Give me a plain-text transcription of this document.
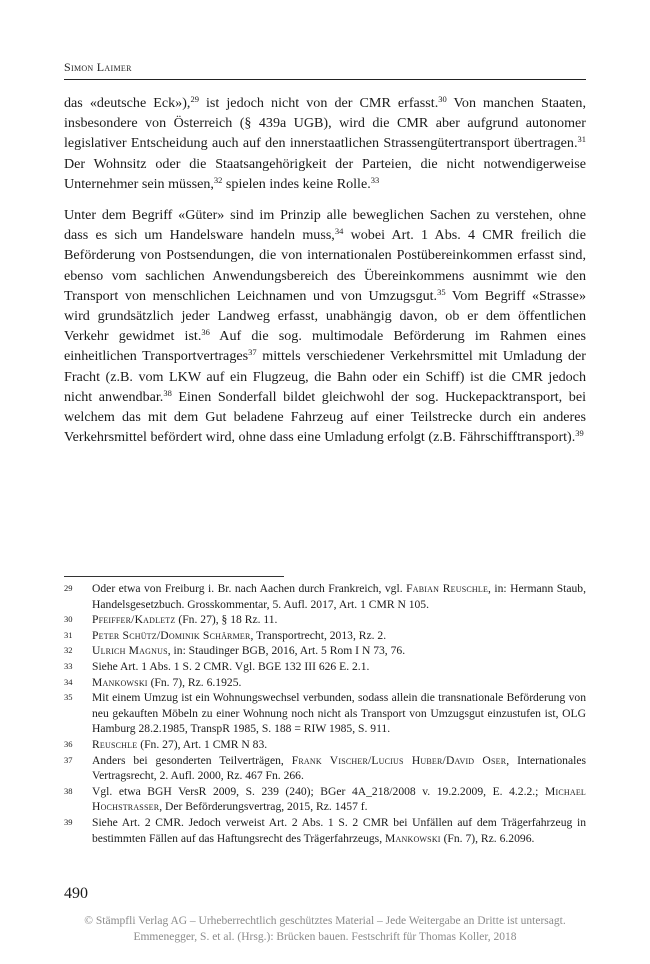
Simon Laimer

das «deutsche Eck»),$^{29}$ ist jedoch nicht von der CMR erfasst.$^{30}$ Von manchen Staaten, insbesondere von Österreich (§ 439a UGB), wird die CMR aber aufgrund autonomer legislativer Entscheidung auch auf den innerstaatlichen Strassengütertransport übertragen.$^{31}$ Der Wohnsitz oder die Staatsangehörigkeit der Parteien, die nicht notwendigerweise Unternehmer sein müssen,$^{32}$ spielen indes keine Rolle.$^{33}$

Unter dem Begriff «Güter» sind im Prinzip alle beweglichen Sachen zu verstehen, ohne dass es sich um Handelsware handeln muss,$^{34}$ wobei Art. 1 Abs. 4 CMR freilich die Beförderung von Postsendungen, die von internationalen Postübereinkommen erfasst sind, ebenso vom sachlichen Anwendungsbereich des Übereinkommens ausnimmt wie den Transport von menschlichen Leichnamen und von Umzugsgut.$^{35}$ Vom Begriff «Strasse» wird grundsätzlich jeder Landweg erfasst, unabhängig davon, ob er dem öffentlichen Verkehr gewidmet ist.$^{36}$ Auf die sog. multimodale Beförderung im Rahmen eines einheitlichen Transportvertrages$^{37}$ mittels verschiedener Verkehrsmittel mit Umladung der Fracht (z.B. vom LKW auf ein Flugzeug, die Bahn oder ein Schiff) ist die CMR jedoch nicht anwendbar.$^{38}$ Einen Sonderfall bildet gleichwohl der sog. Huckepacktransport, bei welchem das mit dem Gut beladene Fahrzeug auf einer Teilstrecke durch ein anderes Verkehrsmittel befördert wird, ohne dass eine Umladung erfolgt (z.B. Fährschifftransport).$^{39}$

29	Oder etwa von Freiburg i. Br. nach Aachen durch Frankreich, vgl. Fabian Reuschle, in: Hermann Staub, Handelsgesetzbuch. Grosskommentar, 5. Aufl. 2017, Art. 1 CMR N 105.
30	Pfeiffer/Kadletz (Fn. 27), § 18 Rz. 11.
31	Peter Schütz/Dominik Schärmer, Transportrecht, 2013, Rz. 2.
32	Ulrich Magnus, in: Staudinger BGB, 2016, Art. 5 Rom I N 73, 76.
33	Siehe Art. 1 Abs. 1 S. 2 CMR. Vgl. BGE 132 III 626 E. 2.1.
34	Mankowski (Fn. 7), Rz. 6.1925.
35	Mit einem Umzug ist ein Wohnungswechsel verbunden, sodass allein die transnationale Beförderung von neu gekauften Möbeln zu einer Wohnung noch nicht als Transport von Umzugsgut einzustufen ist, OLG Hamburg 28.2.1985, TranspR 1985, S. 188 = RIW 1985, S. 911.
36	Reuschle (Fn. 27), Art. 1 CMR N 83.
37	Anders bei gesonderten Teilverträgen, Frank Vischer/Lucius Huber/David Oser, Internationales Vertragsrecht, 2. Aufl. 2000, Rz. 467 Fn. 266.
38	Vgl. etwa BGH VersR 2009, S. 239 (240); BGer 4A_218/2008 v. 19.2.2009, E. 4.2.2.; Michael Hochstrasser, Der Beförderungsvertrag, 2015, Rz. 1457 f.
39	Siehe Art. 2 CMR. Jedoch verweist Art. 2 Abs. 1 S. 2 CMR bei Unfällen auf dem Trägerfahrzeug in bestimmten Fällen auf das Haftungsrecht des Trägerfahrzeugs, Mankowski (Fn. 7), Rz. 6.2096.
490
© Stämpfli Verlag AG – Urheberrechtlich geschütztes Material – Jede Weitergabe an Dritte ist untersagt.
Emmenegger, S. et al. (Hrsg.): Brücken bauen. Festschrift für Thomas Koller, 2018
